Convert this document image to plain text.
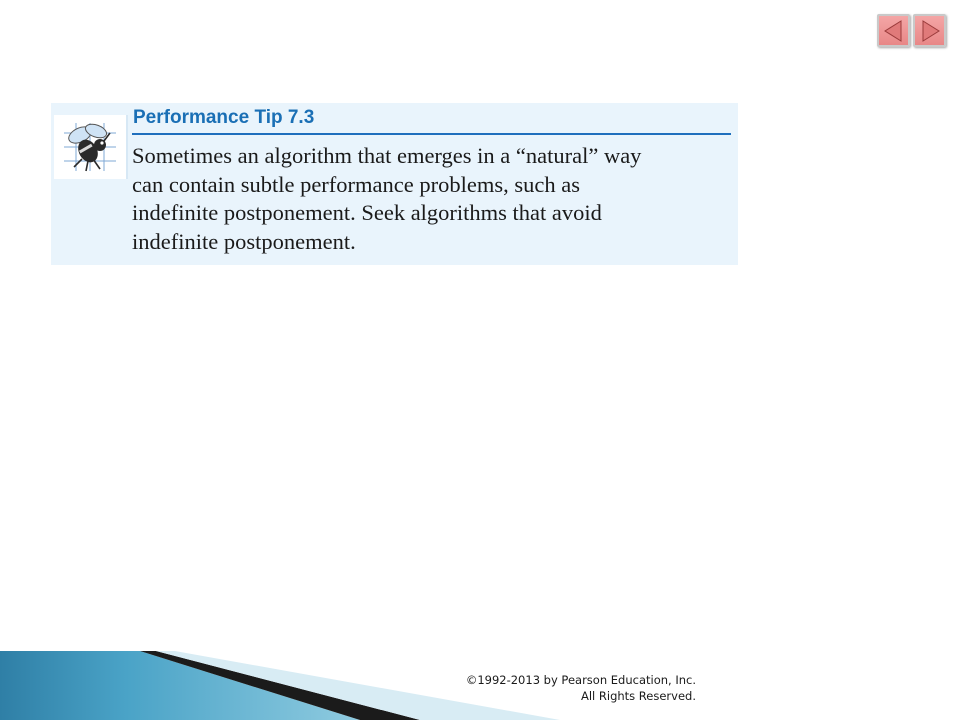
Performance Tip 7.3

Sometimes an algorithm that emerges in a “natural” way
can contain subtle performance problems, such as
indefinite postponement. Seek algorithms that avoid
indefinite postponement.

©1992-2013 by Pearson Education, Inc.
All Rights Reserved.
